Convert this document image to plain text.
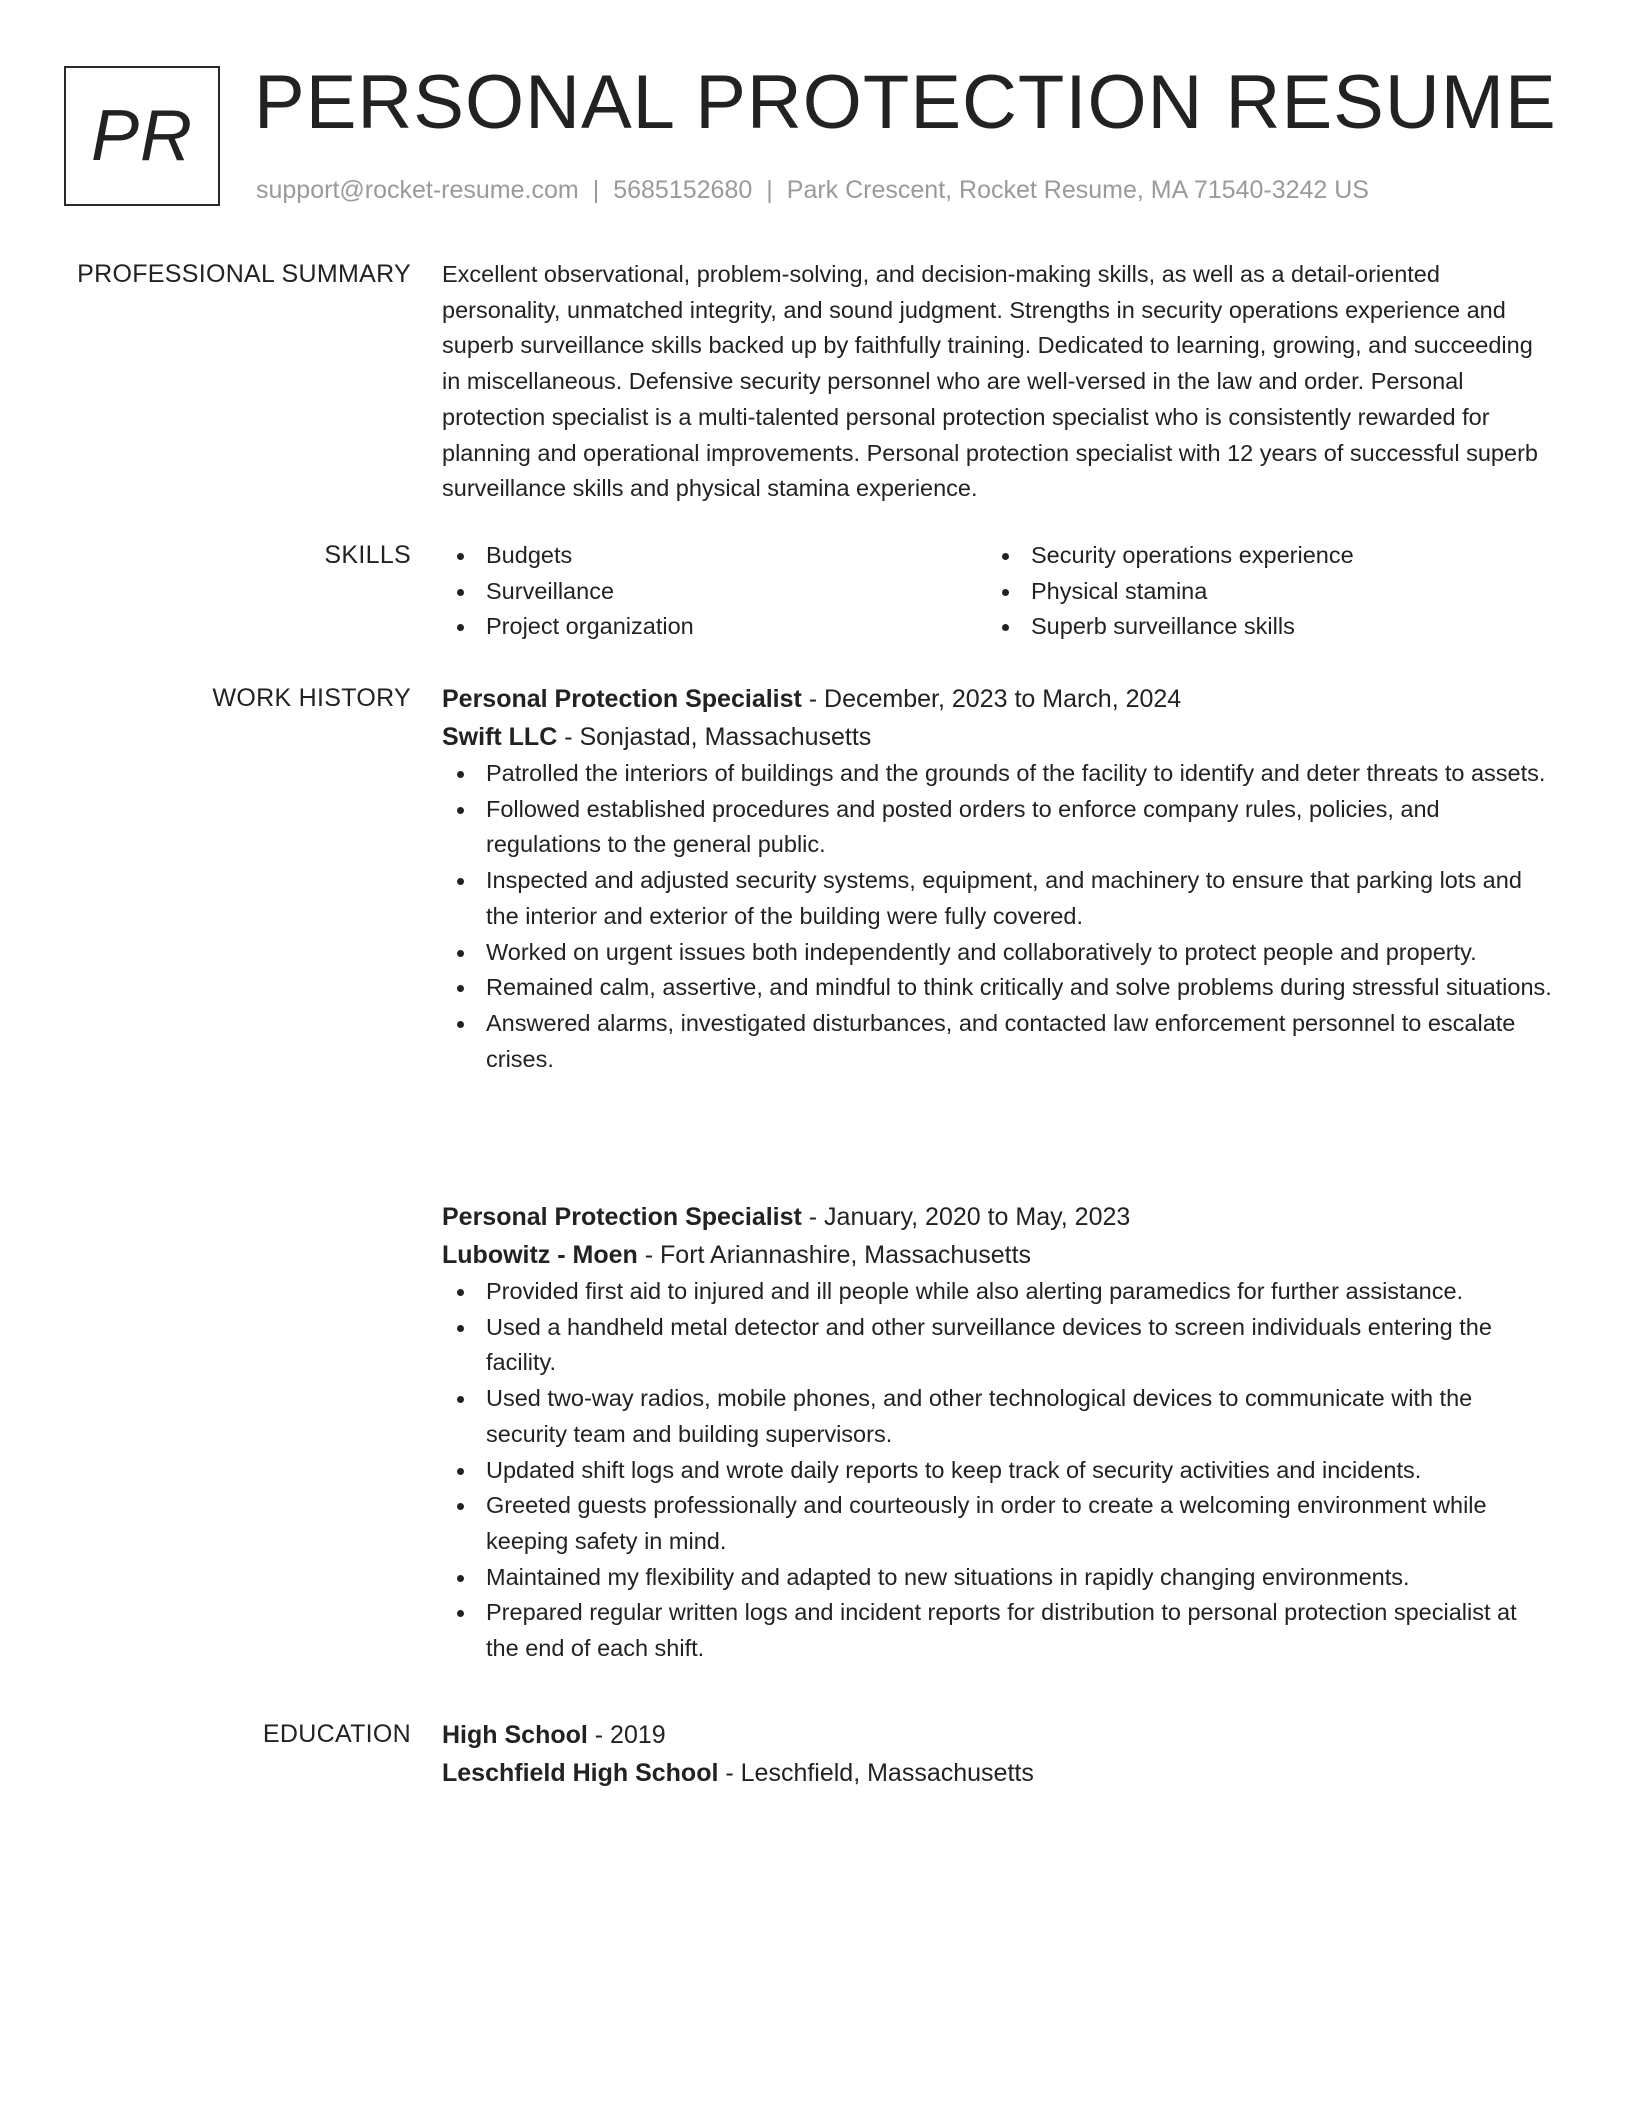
PR PERSONAL PROTECTION RESUME
support@rocket-resume.com | 5685152680 | Park Crescent, Rocket Resume, MA 71540-3242 US
PROFESSIONAL SUMMARY Excellent observational, problem-solving, and decision-making skills, as well as a detail-oriented personality, unmatched integrity, and sound judgment. Strengths in security operations experience and superb surveillance skills backed up by faithfully training. Dedicated to learning, growing, and succeeding in miscellaneous. Defensive security personnel who are well-versed in the law and order. Personal protection specialist is a multi-talented personal protection specialist who is consistently rewarded for planning and operational improvements. Personal protection specialist with 12 years of successful superb surveillance skills and physical stamina experience.

SKILLS	Budgets
Surveillance
Project organization
Security operations experience
Physical stamina
Superb surveillance skills
WORK HISTORY Personal Protection Specialist - December, 2023 to March, 2024
Swift LLC - Sonjastad, Massachusetts
Patrolled the interiors of buildings and the grounds of the facility to identify and deter threats to assets.
Followed established procedures and posted orders to enforce company rules, policies, and regulations to the general public.
Inspected and adjusted security systems, equipment, and machinery to ensure that parking lots and the interior and exterior of the building were fully covered.
Worked on urgent issues both independently and collaboratively to protect people and property.
Remained calm, assertive, and mindful to think critically and solve problems during stressful situations.
Answered alarms, investigated disturbances, and contacted law enforcement personnel to escalate crises.
Personal Protection Specialist - January, 2020 to May, 2023
Lubowitz - Moen - Fort Ariannashire, Massachusetts
Provided first aid to injured and ill people while also alerting paramedics for further assistance.
Used a handheld metal detector and other surveillance devices to screen individuals entering the facility.
Used two-way radios, mobile phones, and other technological devices to communicate with the security team and building supervisors.
Updated shift logs and wrote daily reports to keep track of security activities and incidents.
Greeted guests professionally and courteously in order to create a welcoming environment while keeping safety in mind.
Maintained my flexibility and adapted to new situations in rapidly changing environments.
Prepared regular written logs and incident reports for distribution to personal protection specialist at the end of each shift.
EDUCATION High School - 2019
Leschfield High School - Leschfield, Massachusetts
